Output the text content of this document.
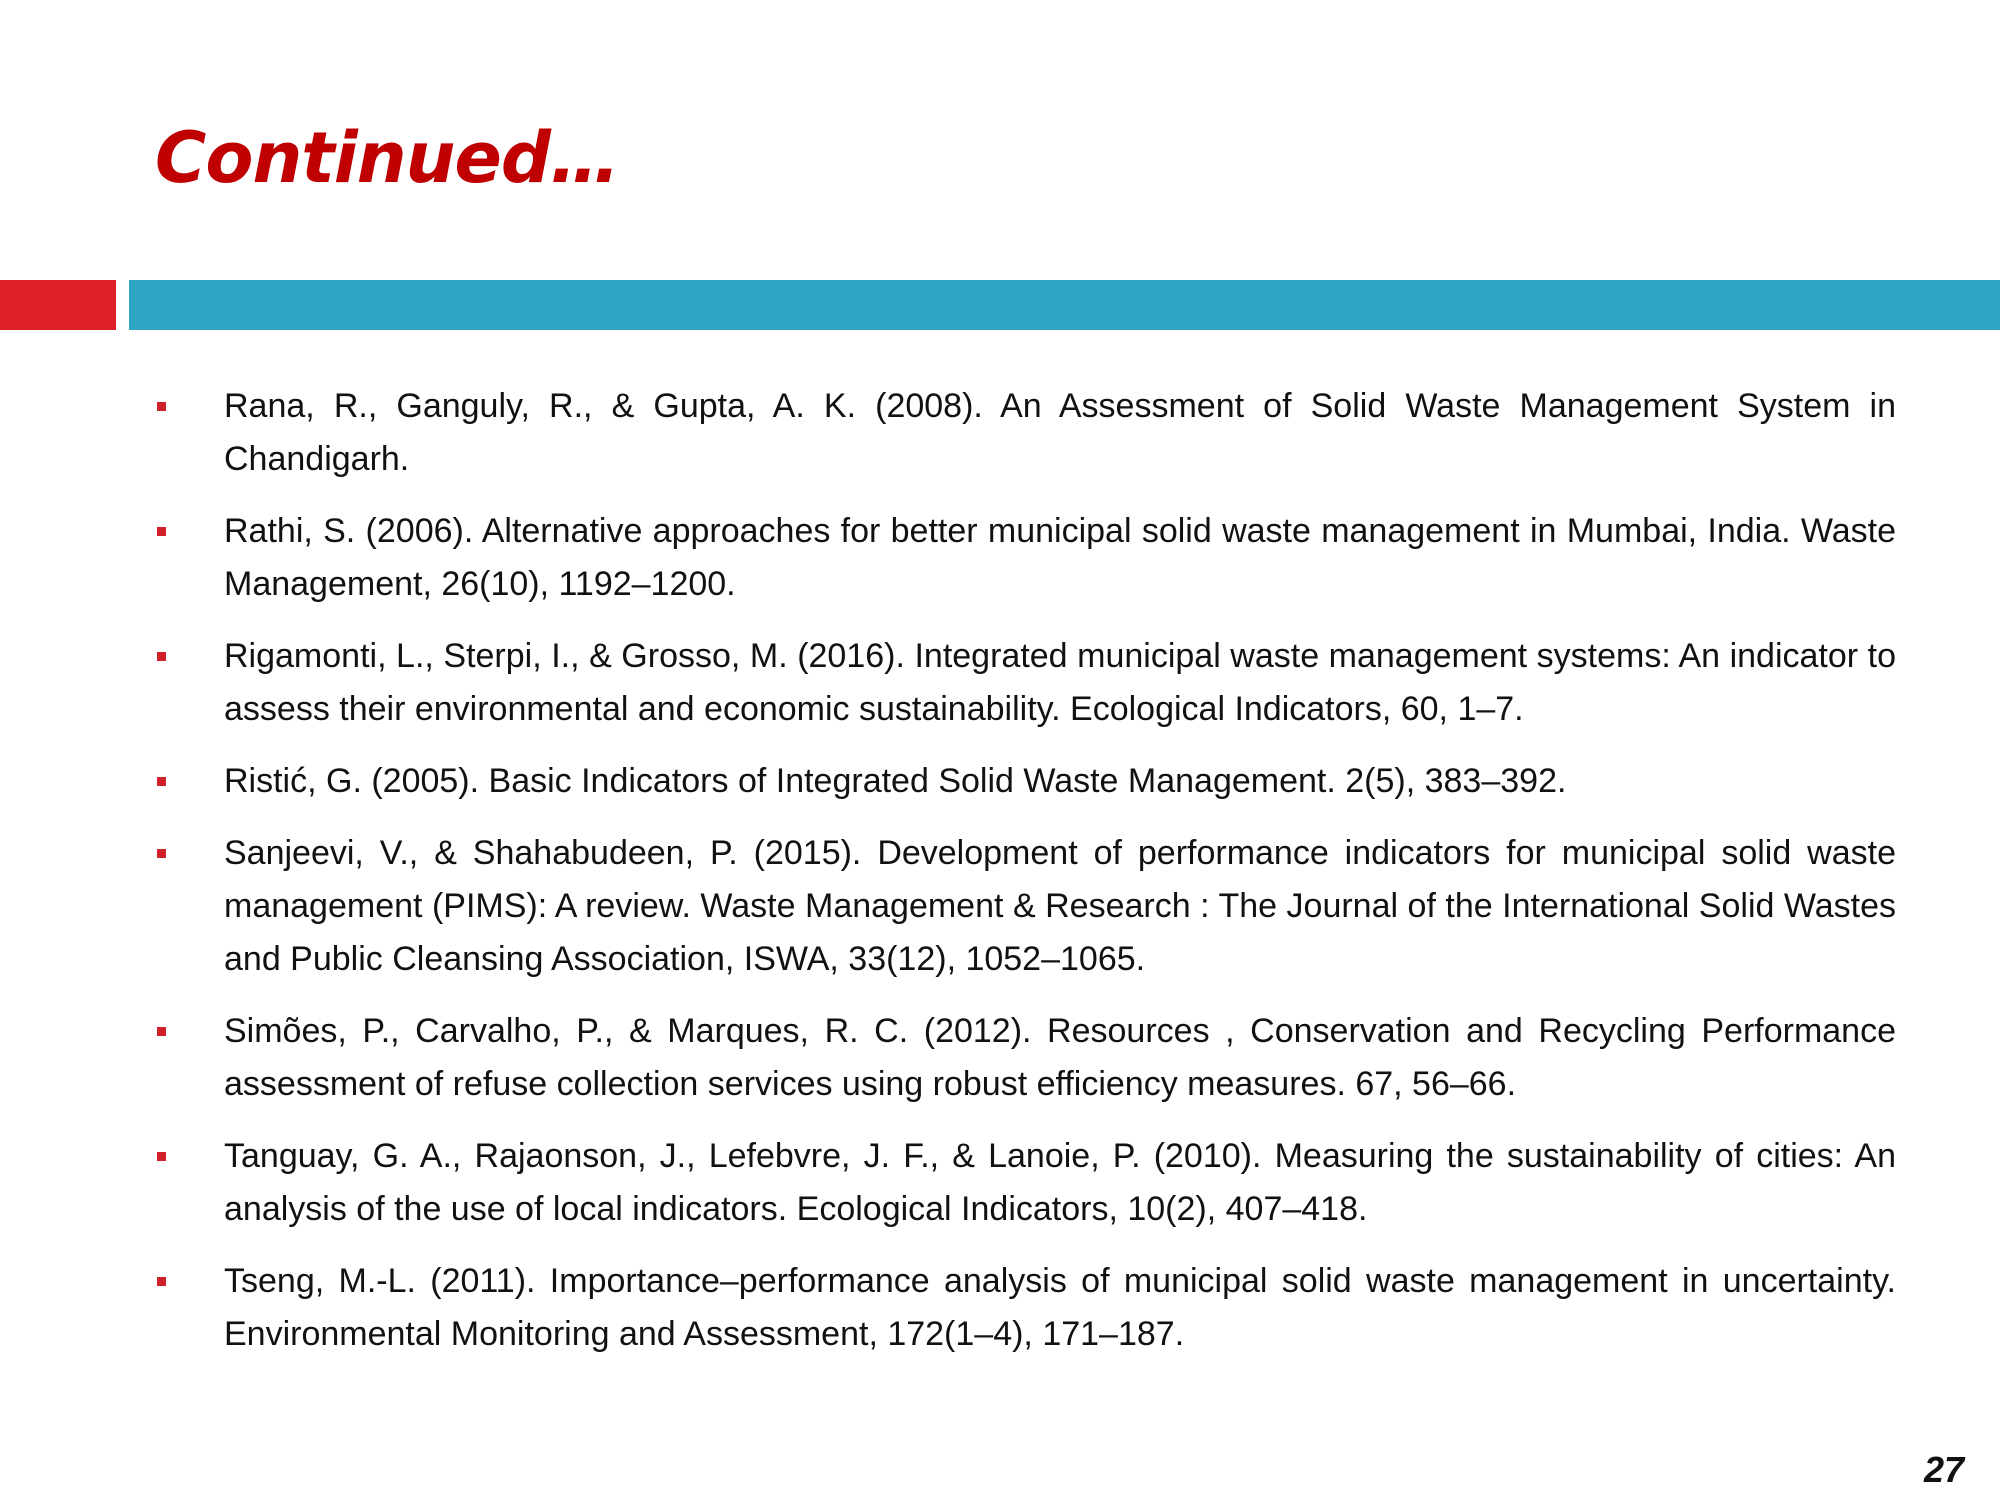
Continued…
Rana, R., Ganguly, R., & Gupta, A. K. (2008). An Assessment of Solid Waste Management System in Chandigarh.
Rathi, S. (2006). Alternative approaches for better municipal solid waste management in Mumbai, India. Waste Management, 26(10), 1192–1200.
Rigamonti, L., Sterpi, I., & Grosso, M. (2016). Integrated municipal waste management systems: An indicator to assess their environmental and economic sustainability. Ecological Indicators, 60, 1–7.
Ristić, G. (2005). Basic Indicators of Integrated Solid Waste Management. 2(5), 383–392.
Sanjeevi, V., & Shahabudeen, P. (2015). Development of performance indicators for municipal solid waste management (PIMS): A review. Waste Management & Research : The Journal of the International Solid Wastes and Public Cleansing Association, ISWA, 33(12), 1052–1065.
Simões, P., Carvalho, P., & Marques, R. C. (2012). Resources , Conservation and Recycling Performance assessment of refuse collection services using robust efficiency measures. 67, 56–66.
Tanguay, G. A., Rajaonson, J., Lefebvre, J. F., & Lanoie, P. (2010). Measuring the sustainability of cities: An analysis of the use of local indicators. Ecological Indicators, 10(2), 407–418.
Tseng, M.-L. (2011). Importance–performance analysis of municipal solid waste management in uncertainty. Environmental Monitoring and Assessment, 172(1–4), 171–187.
27
